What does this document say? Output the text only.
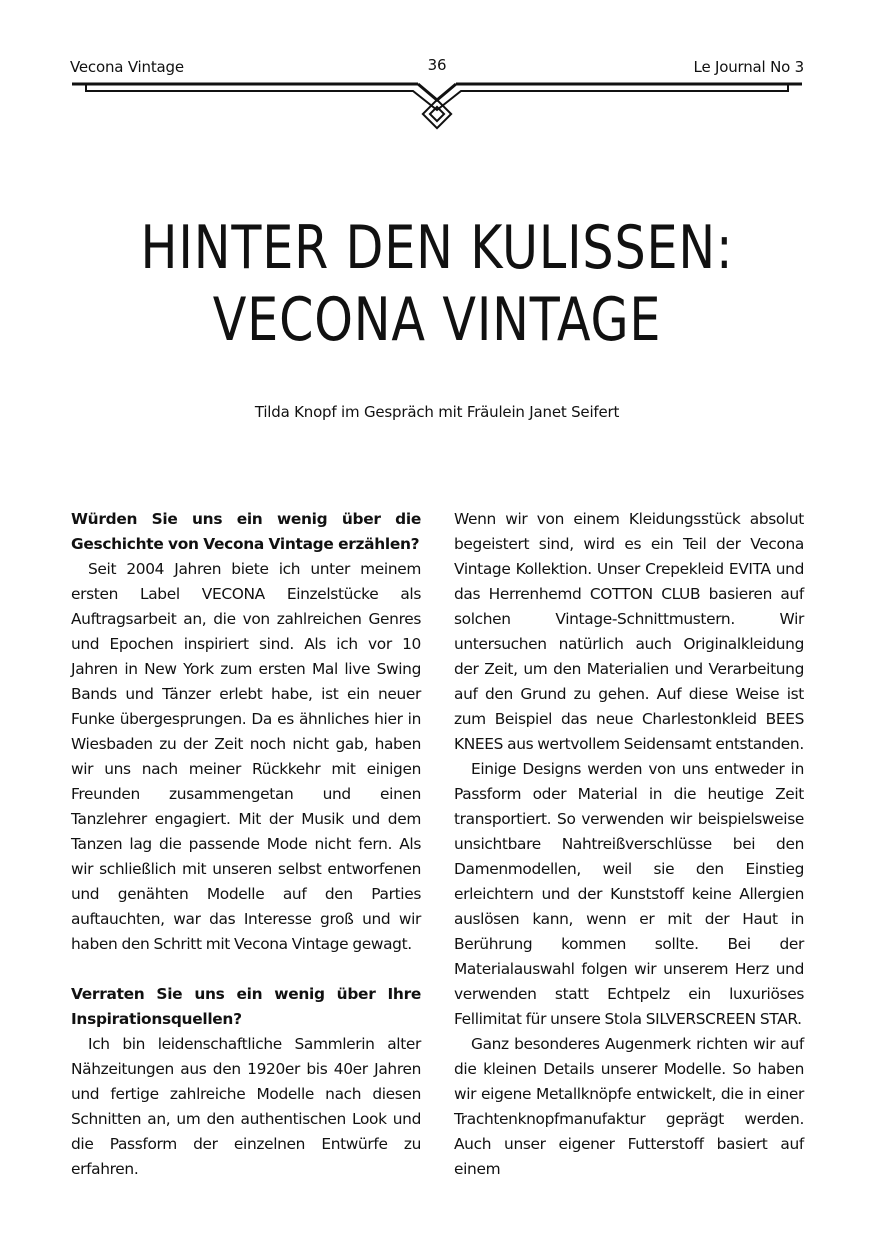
Vecona Vintage	36	Le Journal No 3
HINTER DEN KULISSEN:
VECONA VINTAGE
Tilda Knopf im Gespräch mit Fräulein Janet Seifert

Würden Sie uns ein wenig über die Geschichte von Vecona Vintage erzählen?

Seit 2004 Jahren biete ich unter meinem ersten Label VECONA Einzelstücke als Auftragsarbeit an, die von zahlreichen Genres und Epochen inspiriert sind. Als ich vor 10 Jahren in New York zum ersten Mal live Swing Bands und Tänzer erlebt habe, ist ein neuer Funke übergesprungen. Da es ähnliches hier in Wiesbaden zu der Zeit noch nicht gab, haben wir uns nach meiner Rückkehr mit einigen Freunden zusammengetan und einen Tanzlehrer engagiert. Mit der Musik und dem Tanzen lag die passende Mode nicht fern. Als wir schließlich mit unseren selbst entworfenen und genähten Modelle auf den Parties auftauchten, war das Interesse groß und wir haben den Schritt mit Vecona Vintage gewagt.

Verraten Sie uns ein wenig über Ihre Inspirationsquellen?

Ich bin leidenschaftliche Sammlerin alter Nähzeitungen aus den 1920er bis 40er Jahren und fertige zahlreiche Modelle nach diesen Schnitten an, um den authentischen Look und die Passform der einzelnen Entwürfe zu erfahren.

Wenn wir von einem Kleidungsstück absolut begeistert sind, wird es ein Teil der Vecona Vintage Kollektion. Unser Crepekleid EVITA und das Herrenhemd COTTON CLUB basieren auf solchen Vintage-Schnittmustern. Wir untersuchen natürlich auch Originalkleidung der Zeit, um den Materialien und Verarbeitung auf den Grund zu gehen. Auf diese Weise ist zum Beispiel das neue Charlestonkleid BEES KNEES aus wertvollem Seidensamt entstanden.

Einige Designs werden von uns entweder in Passform oder Material in die heutige Zeit transportiert. So verwenden wir beispielsweise unsichtbare Nahtreißverschlüsse bei den Damenmodellen, weil sie den Einstieg erleichtern und der Kunststoff keine Allergien auslösen kann, wenn er mit der Haut in Berührung kommen sollte. Bei der Materialauswahl folgen wir unserem Herz und verwenden statt Echtpelz ein luxuriöses Fellimitat für unsere Stola SILVERSCREEN STAR.

Ganz besonderes Augenmerk richten wir auf die kleinen Details unserer Modelle. So haben wir eigene Metallknöpfe entwickelt, die in einer Trachtenknopfmanufaktur geprägt werden. Auch unser eigener Futterstoff basiert auf einem
